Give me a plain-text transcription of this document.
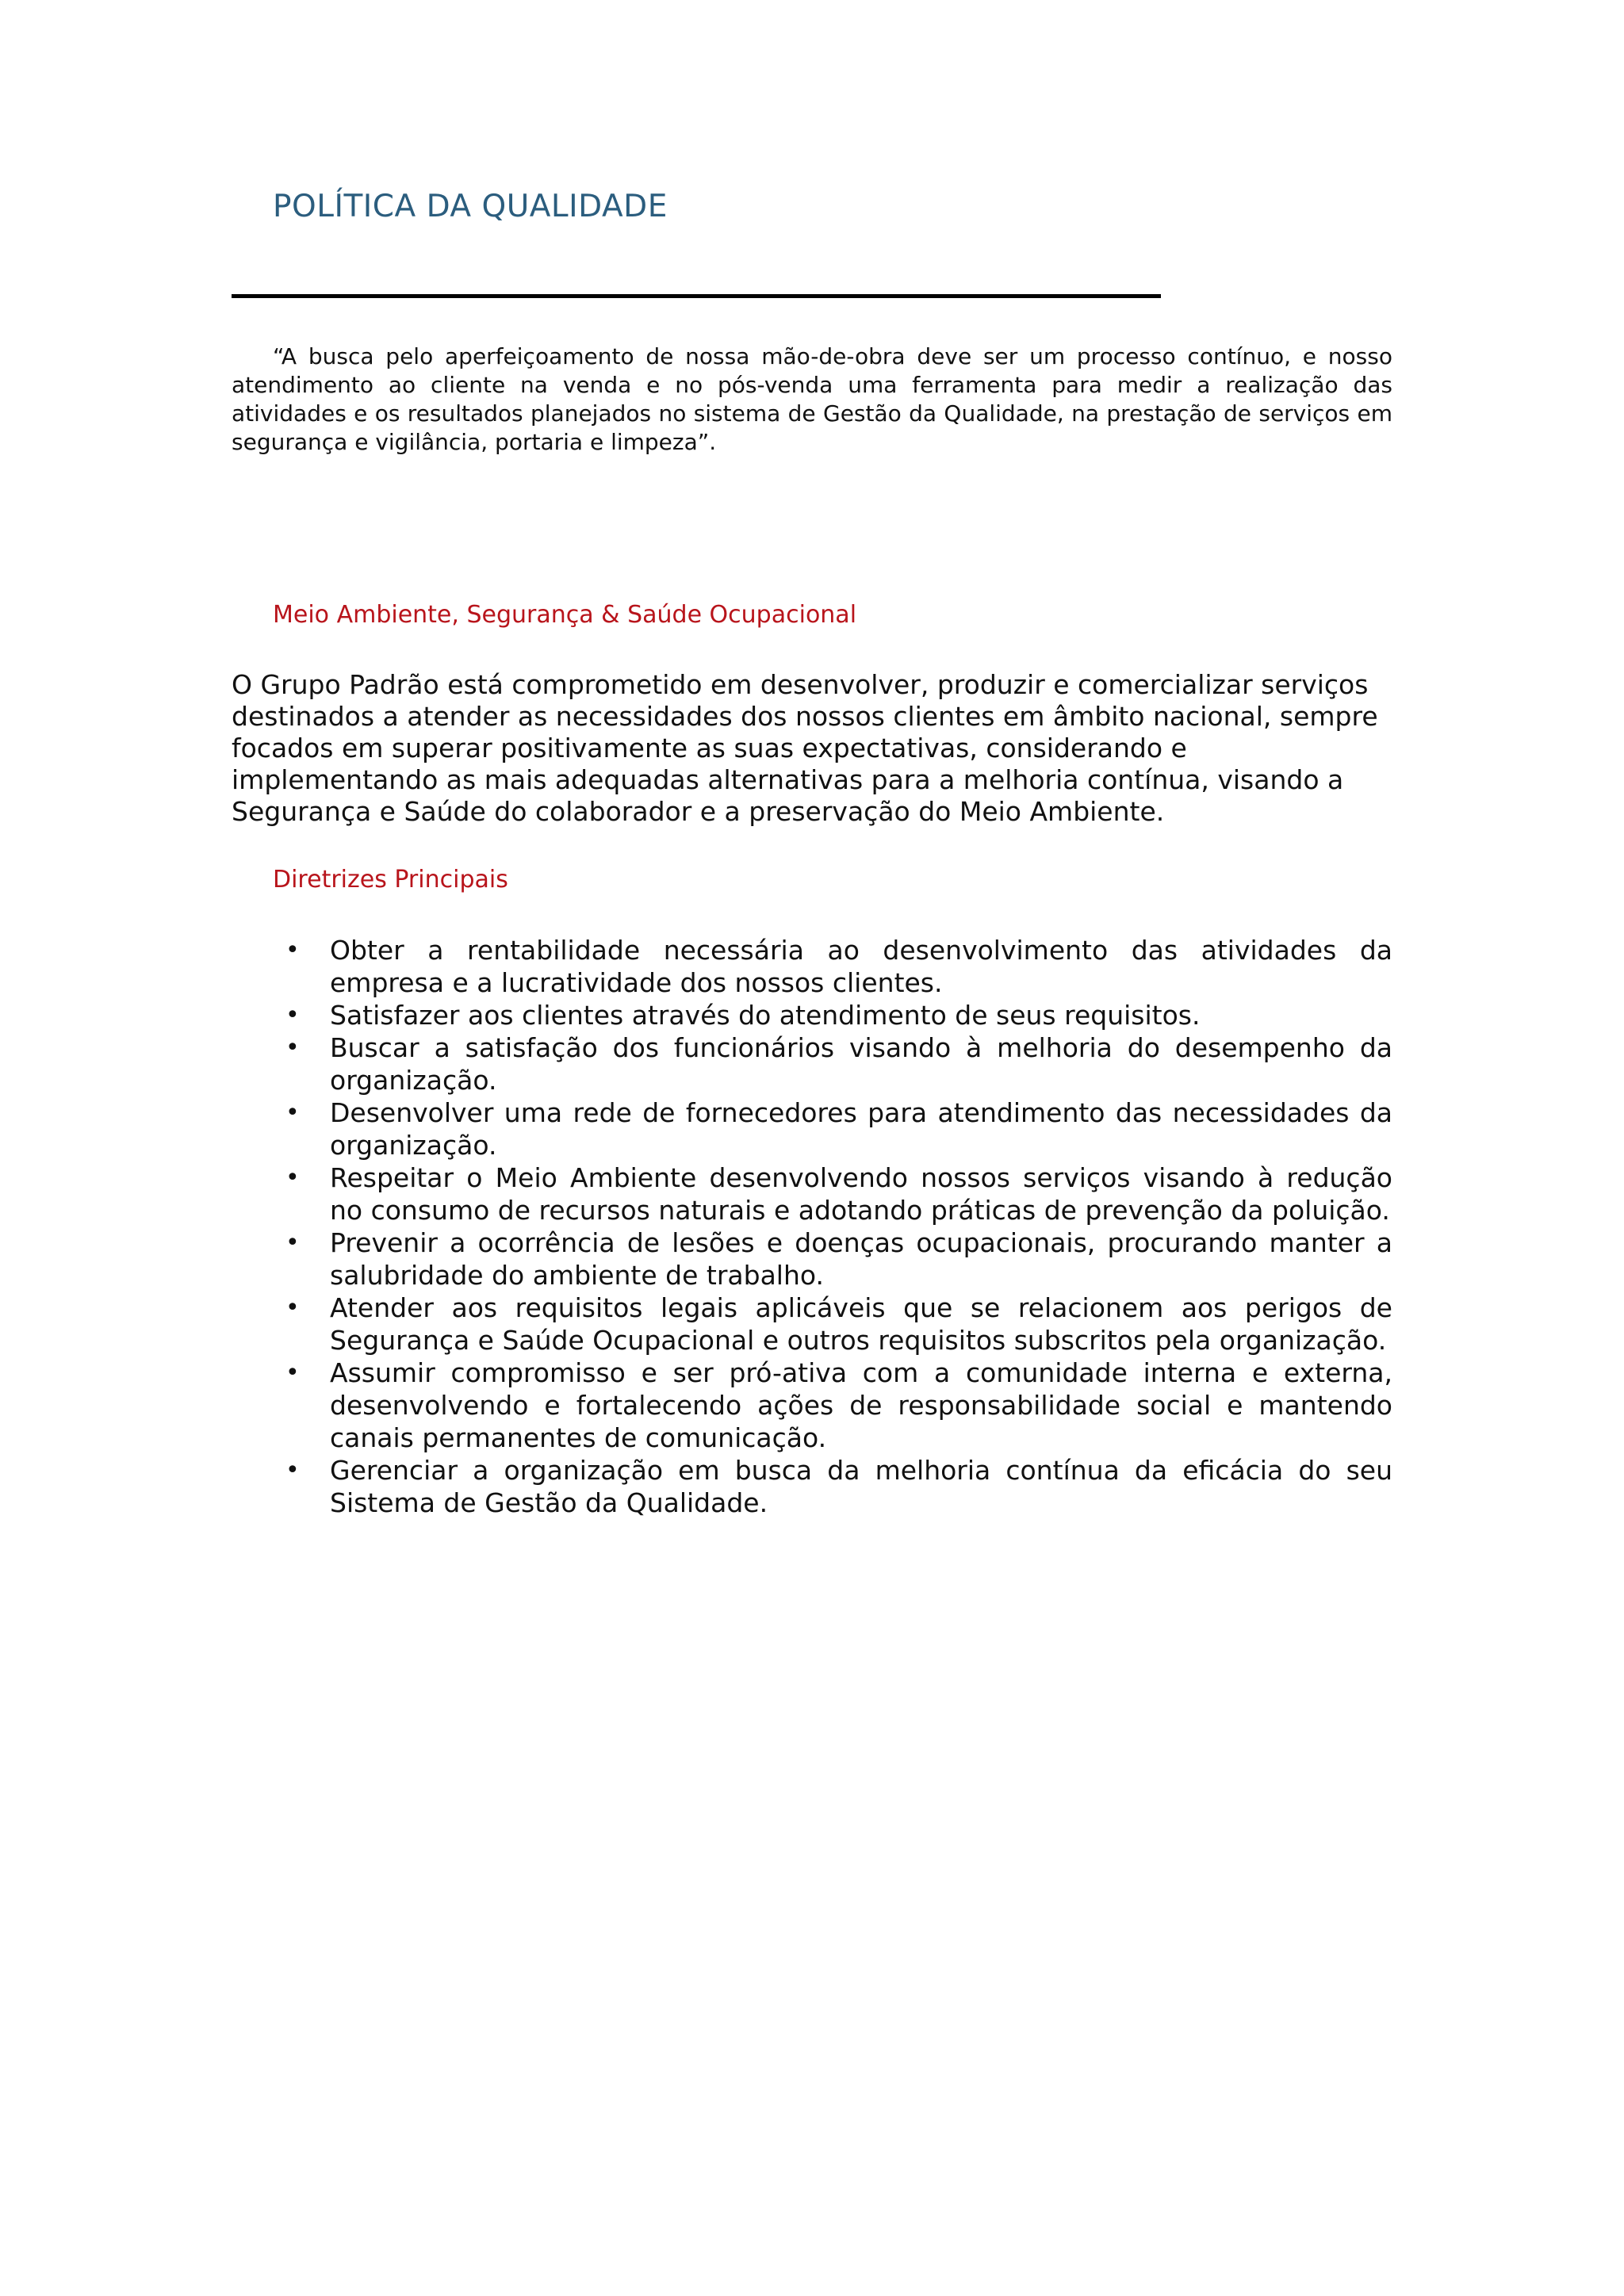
POLÍTICA DA QUALIDADE

“A busca pelo aperfeiçoamento de nossa mão-de-obra deve ser um processo contínuo, e nosso atendimento ao cliente na venda e no pós-venda uma ferramenta para medir a realização das atividades e os resultados planejados no sistema de Gestão da Qualidade, na prestação de serviços em segurança e vigilância, portaria e limpeza”.

Meio Ambiente, Segurança & Saúde Ocupacional

O Grupo Padrão está comprometido em desenvolver, produzir e comercializar serviços destinados a atender as necessidades dos nossos clientes em âmbito nacional, sempre focados em superar positivamente as suas expectativas, considerando e implementando as mais adequadas alternativas para a melhoria contínua, visando a Segurança e Saúde do colaborador e a preservação do Meio Ambiente.

Diretrizes Principais
• Obter a rentabilidade necessária ao desenvolvimento das atividades da empresa e a lucratividade dos nossos clientes.
• Satisfazer aos clientes através do atendimento de seus requisitos.
• Buscar a satisfação dos funcionários visando à melhoria do desempenho da organização.
• Desenvolver uma rede de fornecedores para atendimento das necessidades da organização.
• Respeitar o Meio Ambiente desenvolvendo nossos serviços visando à redução no consumo de recursos naturais e adotando práticas de prevenção da poluição.
• Prevenir a ocorrência de lesões e doenças ocupacionais, procurando manter a salubridade do ambiente de trabalho.
• Atender aos requisitos legais aplicáveis que se relacionem aos perigos de Segurança e Saúde Ocupacional e outros requisitos subscritos pela organização.
• Assumir compromisso e ser pró-ativa com a comunidade interna e externa, desenvolvendo e fortalecendo ações de responsabilidade social e mantendo canais permanentes de comunicação.
• Gerenciar a organização em busca da melhoria contínua da eficácia do seu Sistema de Gestão da Qualidade.
